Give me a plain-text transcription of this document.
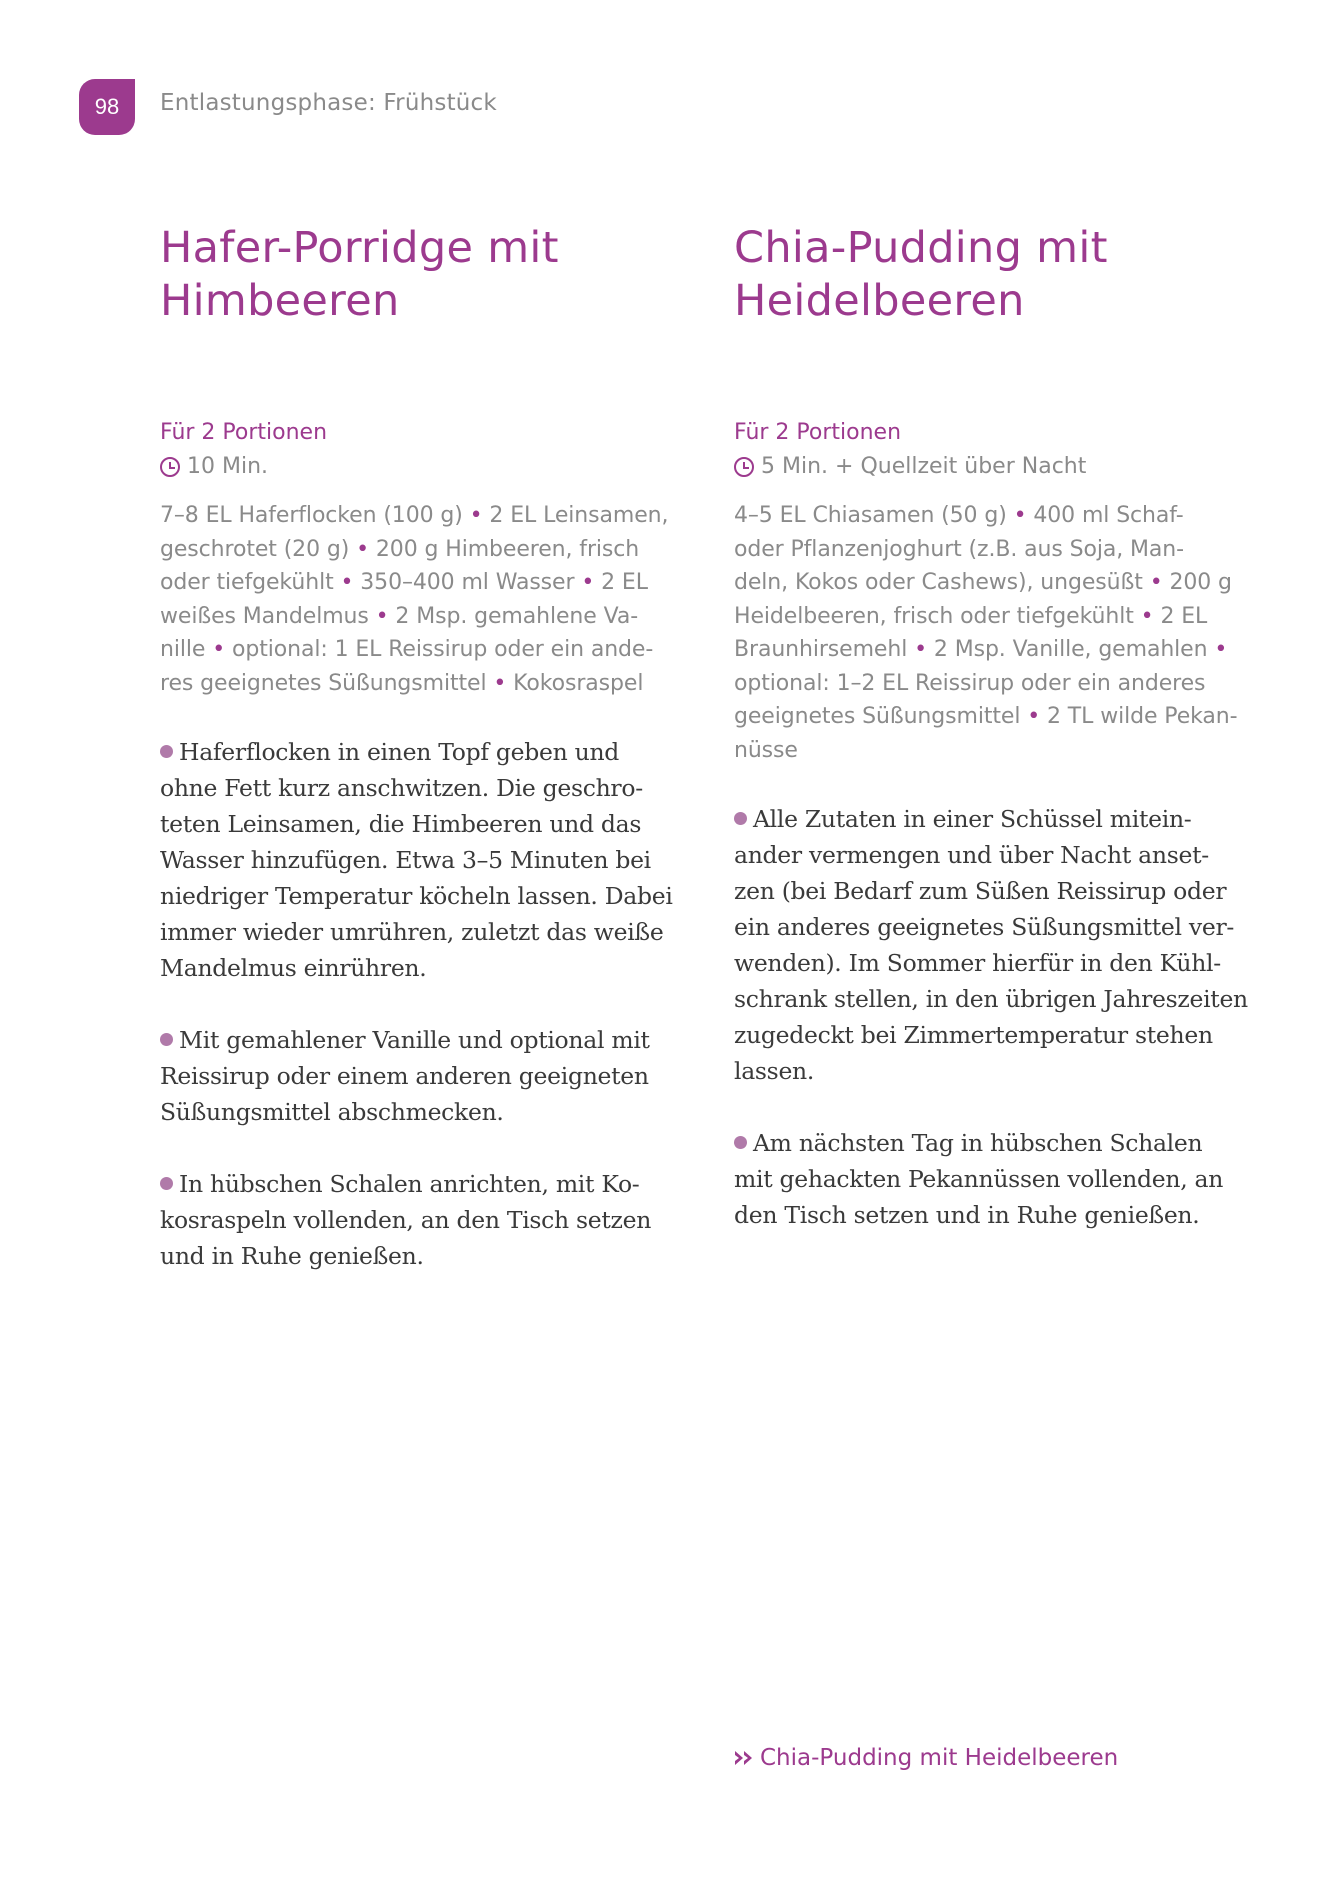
98 Entlastungsphase: Frühstück
Hafer-Porridge mit
Himbeeren
Für 2 Portionen
10 Min.
7–8 EL Haferflocken (100 g) • 2 EL Leinsamen,
geschrotet (20 g) • 200 g Himbeeren, frisch
oder tiefgekühlt • 350–400 ml Wasser • 2 EL
weißes Mandelmus • 2 Msp. gemahlene Va-
nille • optional: 1 EL Reissirup oder ein ande-
res geeignetes Süßungsmittel • Kokosraspel
Haferflocken in einen Topf geben und
ohne Fett kurz anschwitzen. Die geschro-
teten Leinsamen, die Himbeeren und das
Wasser hinzufügen. Etwa 3–5 Minuten bei
niedriger Temperatur köcheln lassen. Dabei
immer wieder umrühren, zuletzt das weiße
Mandelmus einrühren.
Mit gemahlener Vanille und optional mit
Reissirup oder einem anderen geeigneten
Süßungsmittel abschmecken.
In hübschen Schalen anrichten, mit Ko-
kosraspeln vollenden, an den Tisch setzen
und in Ruhe genießen.
Chia-Pudding mit
Heidelbeeren
Für 2 Portionen
5 Min. + Quellzeit über Nacht
4–5 EL Chiasamen (50 g) • 400 ml Schaf-
oder Pflanzenjoghurt (z.B. aus Soja, Man-
deln, Kokos oder Cashews), ungesüßt • 200 g
Heidelbeeren, frisch oder tiefgekühlt • 2 EL
Braunhirsemehl • 2 Msp. Vanille, gemahlen •
optional: 1–2 EL Reissirup oder ein anderes
geeignetes Süßungsmittel • 2 TL wilde Pekan-
nüsse
Alle Zutaten in einer Schüssel mitein-
ander vermengen und über Nacht anset-
zen (bei Bedarf zum Süßen Reissirup oder
ein anderes geeignetes Süßungsmittel ver-
wenden). Im Sommer hierfür in den Kühl-
schrank stellen, in den übrigen Jahreszeiten
zugedeckt bei Zimmertemperatur stehen
lassen.
Am nächsten Tag in hübschen Schalen
mit gehackten Pekannüssen vollenden, an
den Tisch setzen und in Ruhe genießen.
Chia-Pudding mit Heidelbeeren
